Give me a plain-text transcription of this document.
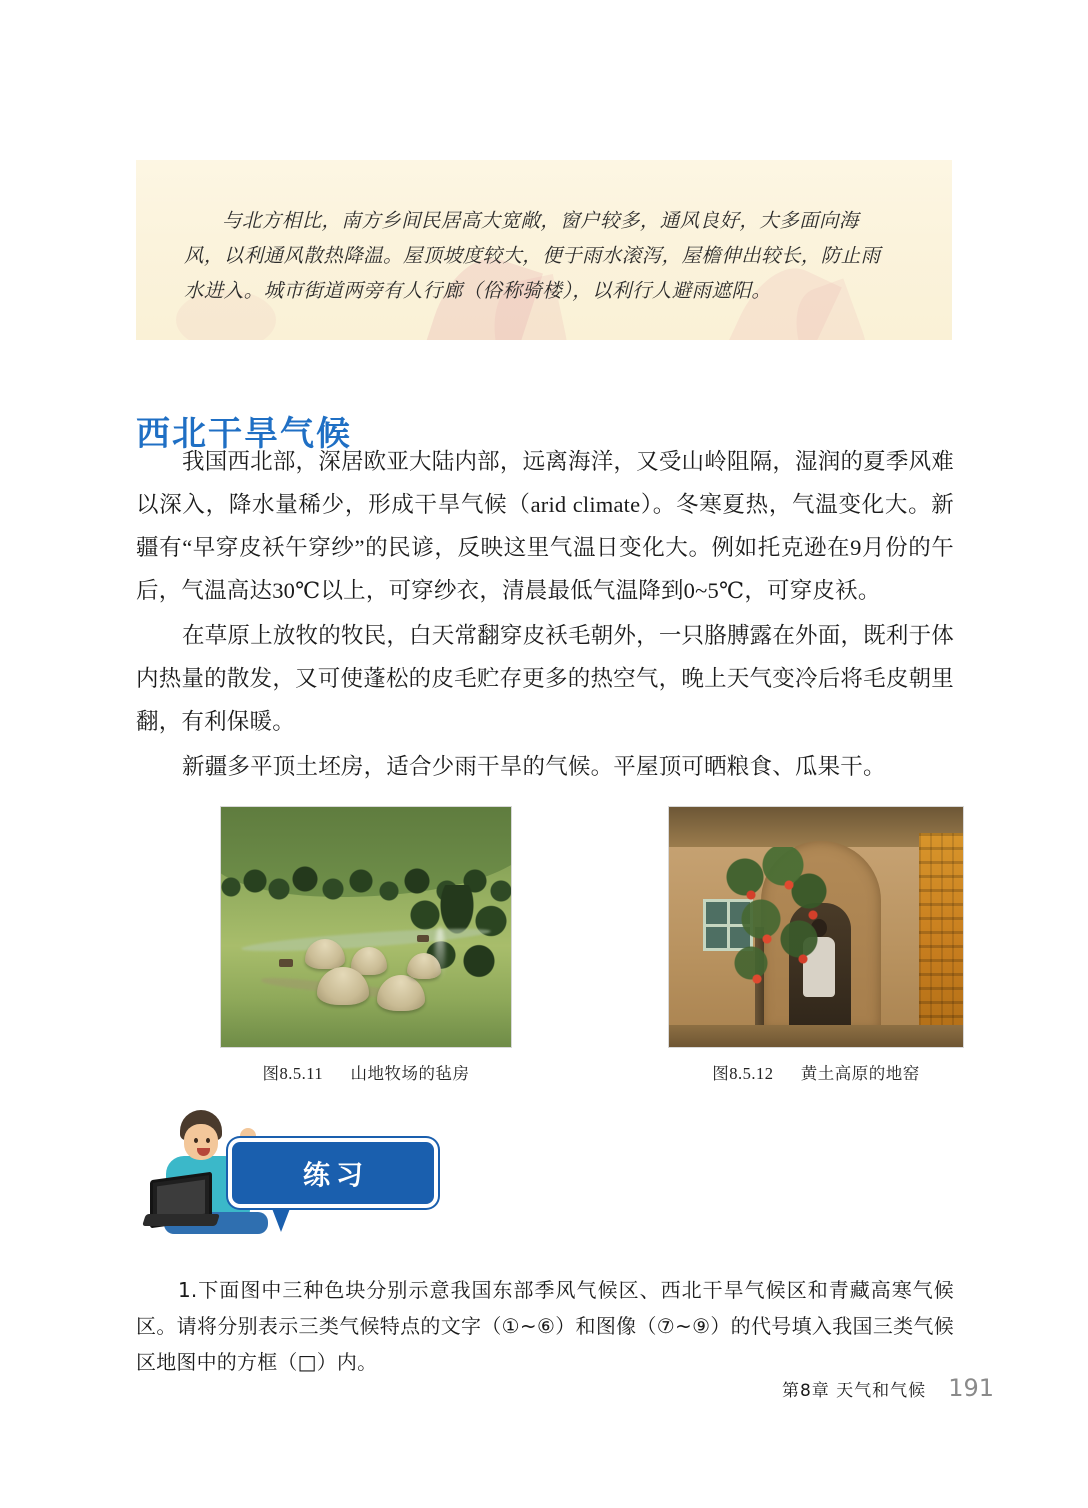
与北方相比，南方乡间民居高大宽敞，窗户较多，通风良好，大多面向海风，以利通风散热降温。屋顶坡度较大，便于雨水滚泻，屋檐伸出较长，防止雨水进入。城市街道两旁有人行廊（俗称骑楼），以利行人避雨遮阳。

西北干旱气候

我国西北部，深居欧亚大陆内部，远离海洋，又受山岭阻隔，湿润的夏季风难以深入，降水量稀少，形成干旱气候（arid climate）。冬寒夏热，气温变化大。新疆有“早穿皮袄午穿纱”的民谚，反映这里气温日变化大。例如托克逊在9月份的午后，气温高达30℃以上，可穿纱衣，清晨最低气温降到0~5℃，可穿皮袄。

在草原上放牧的牧民，白天常翻穿皮袄毛朝外，一只胳膊露在外面，既利于体内热量的散发，又可使蓬松的皮毛贮存更多的热空气，晚上天气变冷后将毛皮朝里翻，有利保暖。

新疆多平顶土坯房，适合少雨干旱的气候。平屋顶可晒粮食、瓜果干。

图8.5.11 山地牧场的毡房	图8.5.12 黄土高原的地窑
练习

1.下面图中三种色块分别示意我国东部季风气候区、西北干旱气候区和青藏高寒气候区。请将分别表示三类气候特点的文字（①~⑥）和图像（⑦~⑨）的代号填入我国三类气候区地图中的方框（□）内。

第8章 天气和气候 191
